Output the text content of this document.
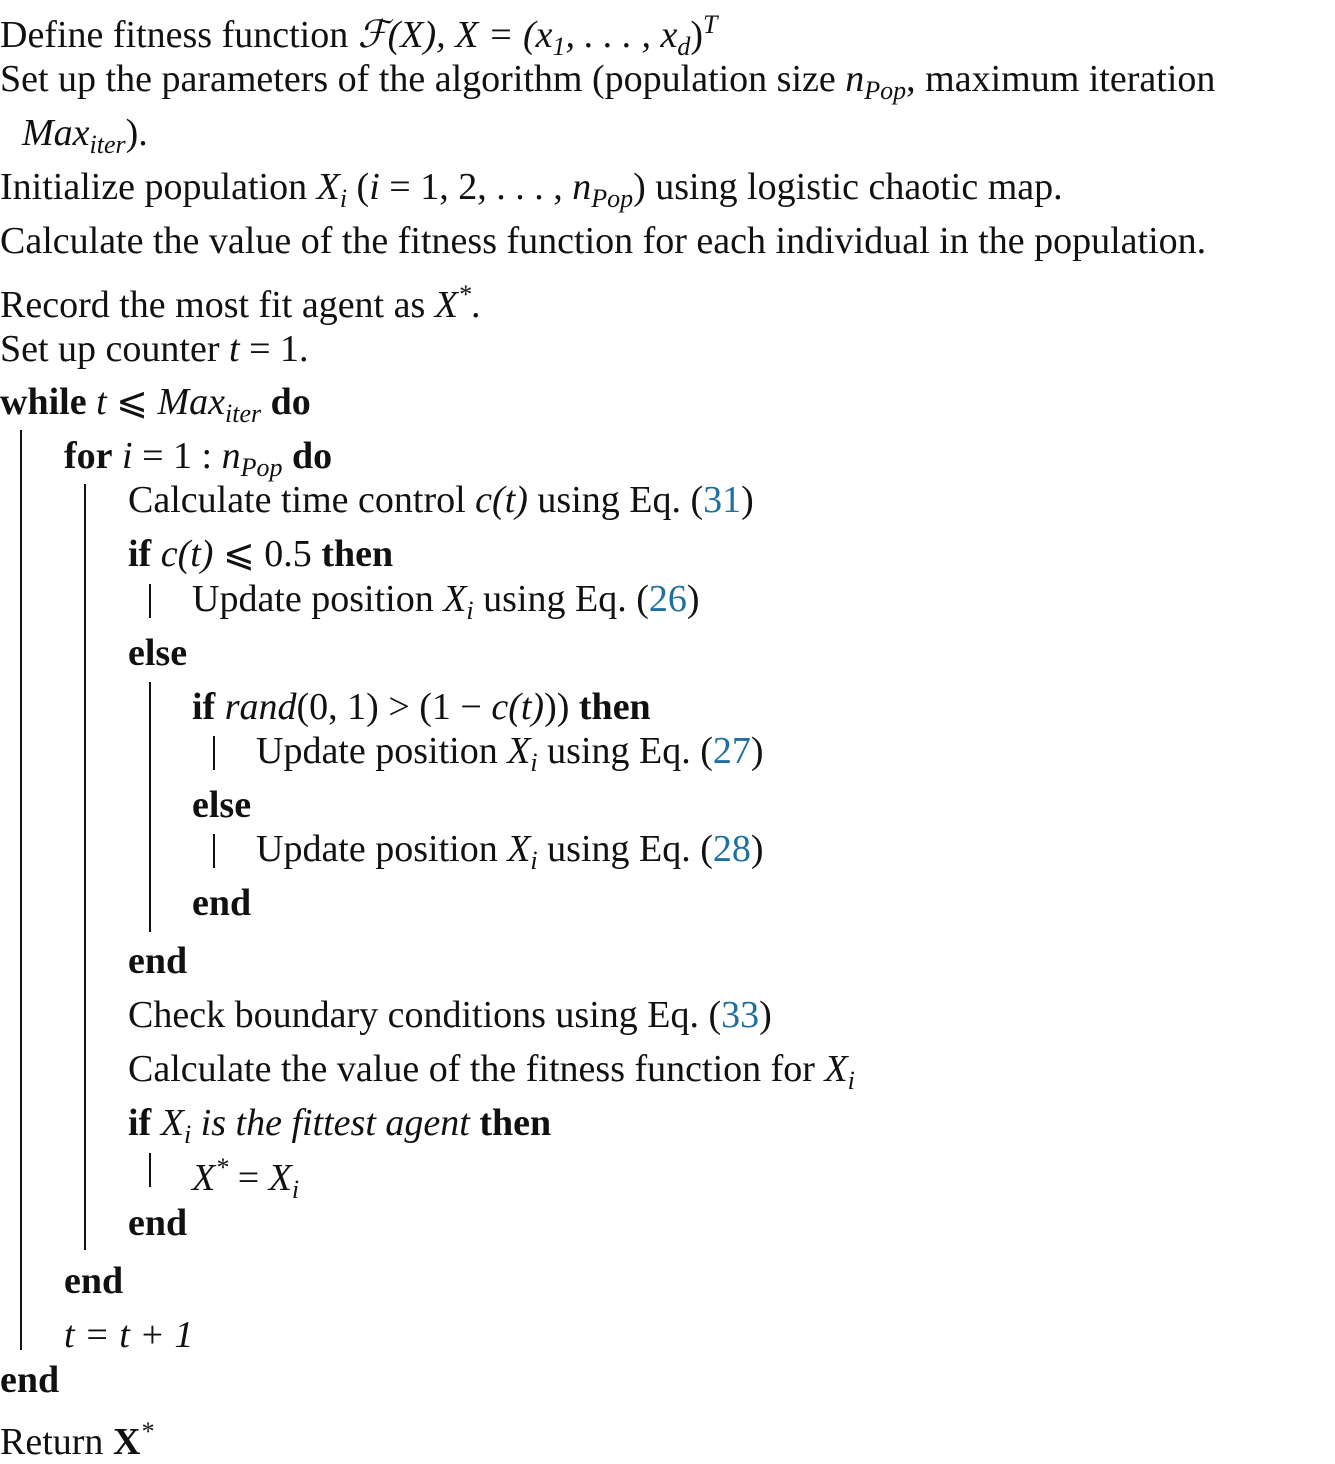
Define fitness function ℱ(X), $X = (x_1$, . . . , $x_d)^T$
Set up the parameters of the algorithm (population size $n_{Pop}$, maximum iteration
Max$_{iter}$).
Initialize population $X_i$ (i = 1, 2, . . . , $n_{Pop}$) using logistic chaotic map.
Calculate the value of the fitness function for each individual in the population.
Record the most fit agent as X*.
Set up counter t = 1.
while t ⩽ Max$_{iter}$ do
for i = 1 : $n_{Pop}$ do
Calculate time control c(t) using Eq. (31)
if c(t) ⩽ 0.5 then
Update position $X_i$ using Eq. (26)
else
if rand(0, 1) > (1 − c(t))) then
Update position $X_i$ using Eq. (27)
else
Update position $X_i$ using Eq. (28)
end
end
Check boundary conditions using Eq. (33)
Calculate the value of the fitness function for $X_i$
if $X_i$ is the fittest agent then
$X^* = X_i$
end
end
t = t + 1
end
Return X*
